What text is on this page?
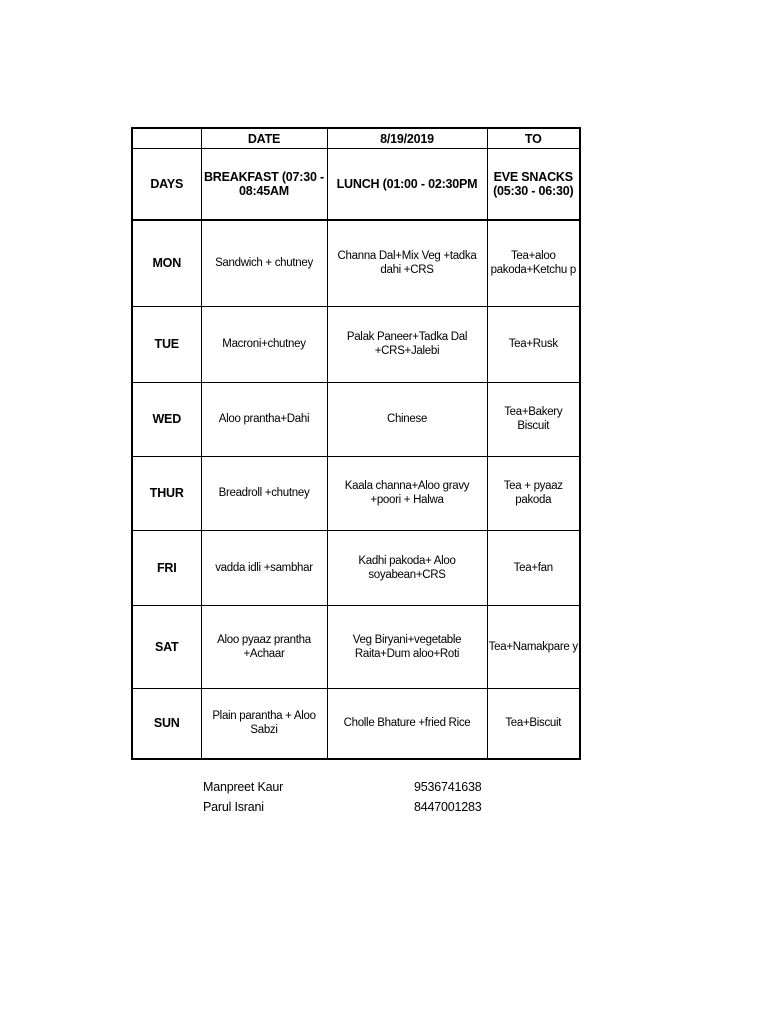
	DATE	8/19/2019	TO
DAYS	BREAKFAST (07:30 - 08:45AM	LUNCH (01:00 - 02:30PM	EVE SNACKS (05:30 - 06:30)
MON	Sandwich + chutney	Channa Dal+Mix Veg +tadka dahi +CRS	Tea+aloo pakoda+Ketchu p
TUE	Macroni+chutney	Palak Paneer+Tadka Dal +CRS+Jalebi	Tea+Rusk
WED	Aloo prantha+Dahi	Chinese	Tea+Bakery Biscuit
THUR	Breadroll +chutney	Kaala channa+Aloo gravy +poori + Halwa	Tea + pyaaz pakoda
FRI	vadda idli +sambhar	Kadhi pakoda+ Aloo soyabean+CRS	Tea+fan
SAT	Aloo pyaaz prantha +Achaar	Veg Biryani+vegetable Raita+Dum aloo+Roti	Tea+Namakpare y
SUN	Plain parantha + Aloo Sabzi	Cholle Bhature +fried Rice	Tea+Biscuit
Manpreet Kaur	9536741638
Parul Israni	8447001283
